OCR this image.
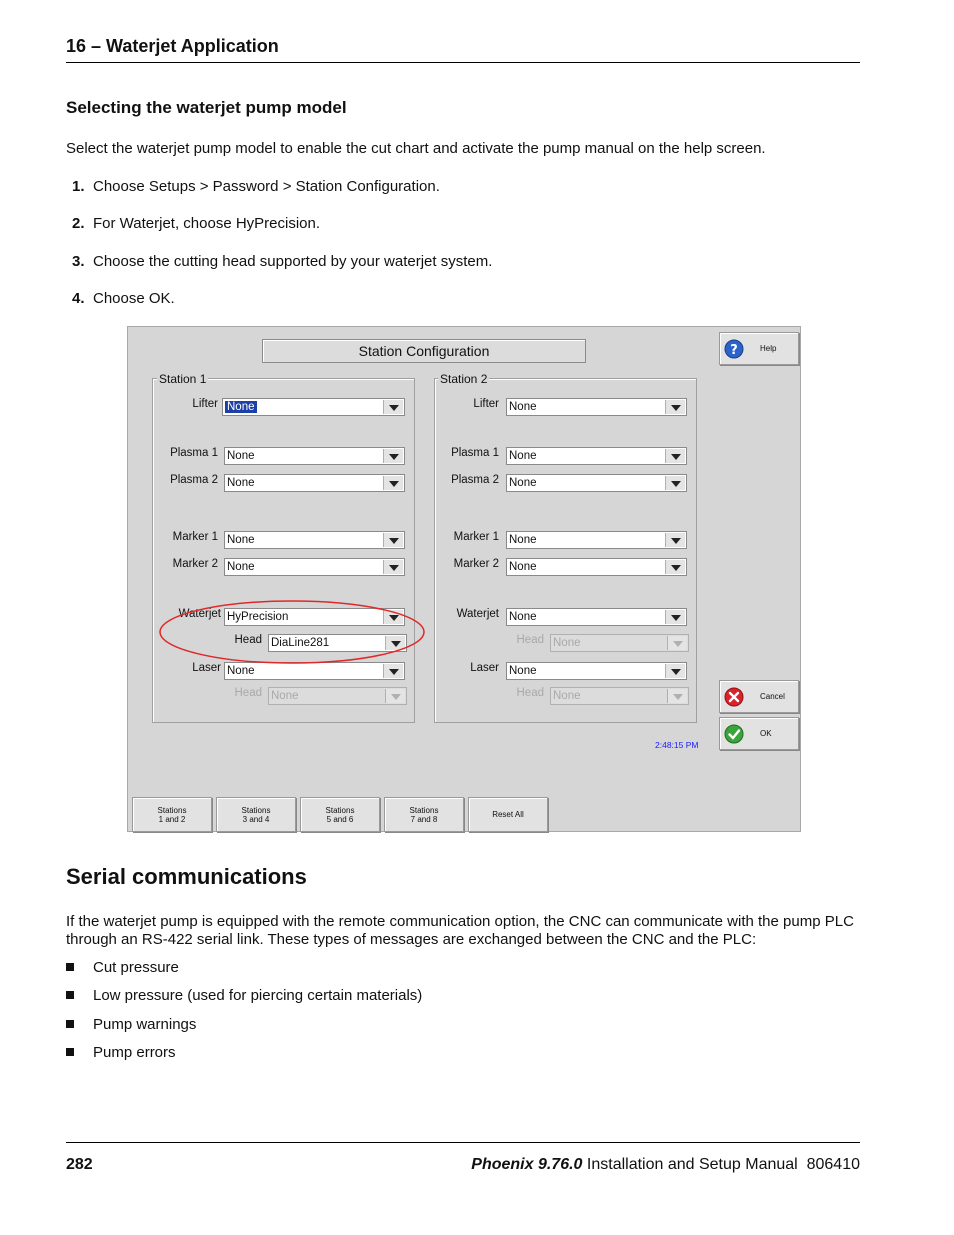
16 – Waterjet Application
Selecting the waterjet pump model
Select the waterjet pump model to enable the cut chart and activate the pump manual on the help screen.
1. Choose Setups > Password > Station Configuration.
2. For Waterjet, choose HyPrecision.
3. Choose the cutting head supported by your waterjet system.
4. Choose OK.
Station Configuration
Station 1
Lifter None
Plasma 1 None
Plasma 2 None
Marker 1 None
Marker 2 None
Waterjet HyPrecision
Head DiaLine281
Laser None
Head None
Station 2
Lifter None
Plasma 1 None
Plasma 2 None
Marker 1 None
Marker 2 None
Waterjet None
Head None
Laser None
Head None
?	Help
Cancel
OK
2:48:15 PM
Stations
1 and 2
Stations
3 and 4
Stations
5 and 6
Stations
7 and 8	Reset All
Serial communications
If the waterjet pump is equipped with the remote communication option, the CNC can communicate with the pump PLC through an RS-422 serial link. These types of messages are exchanged between the CNC and the PLC:
Cut pressure
Low pressure (used for piercing certain materials)
Pump warnings
Pump errors
282	Phoenix 9.76.0 Installation and Setup Manual  806410
